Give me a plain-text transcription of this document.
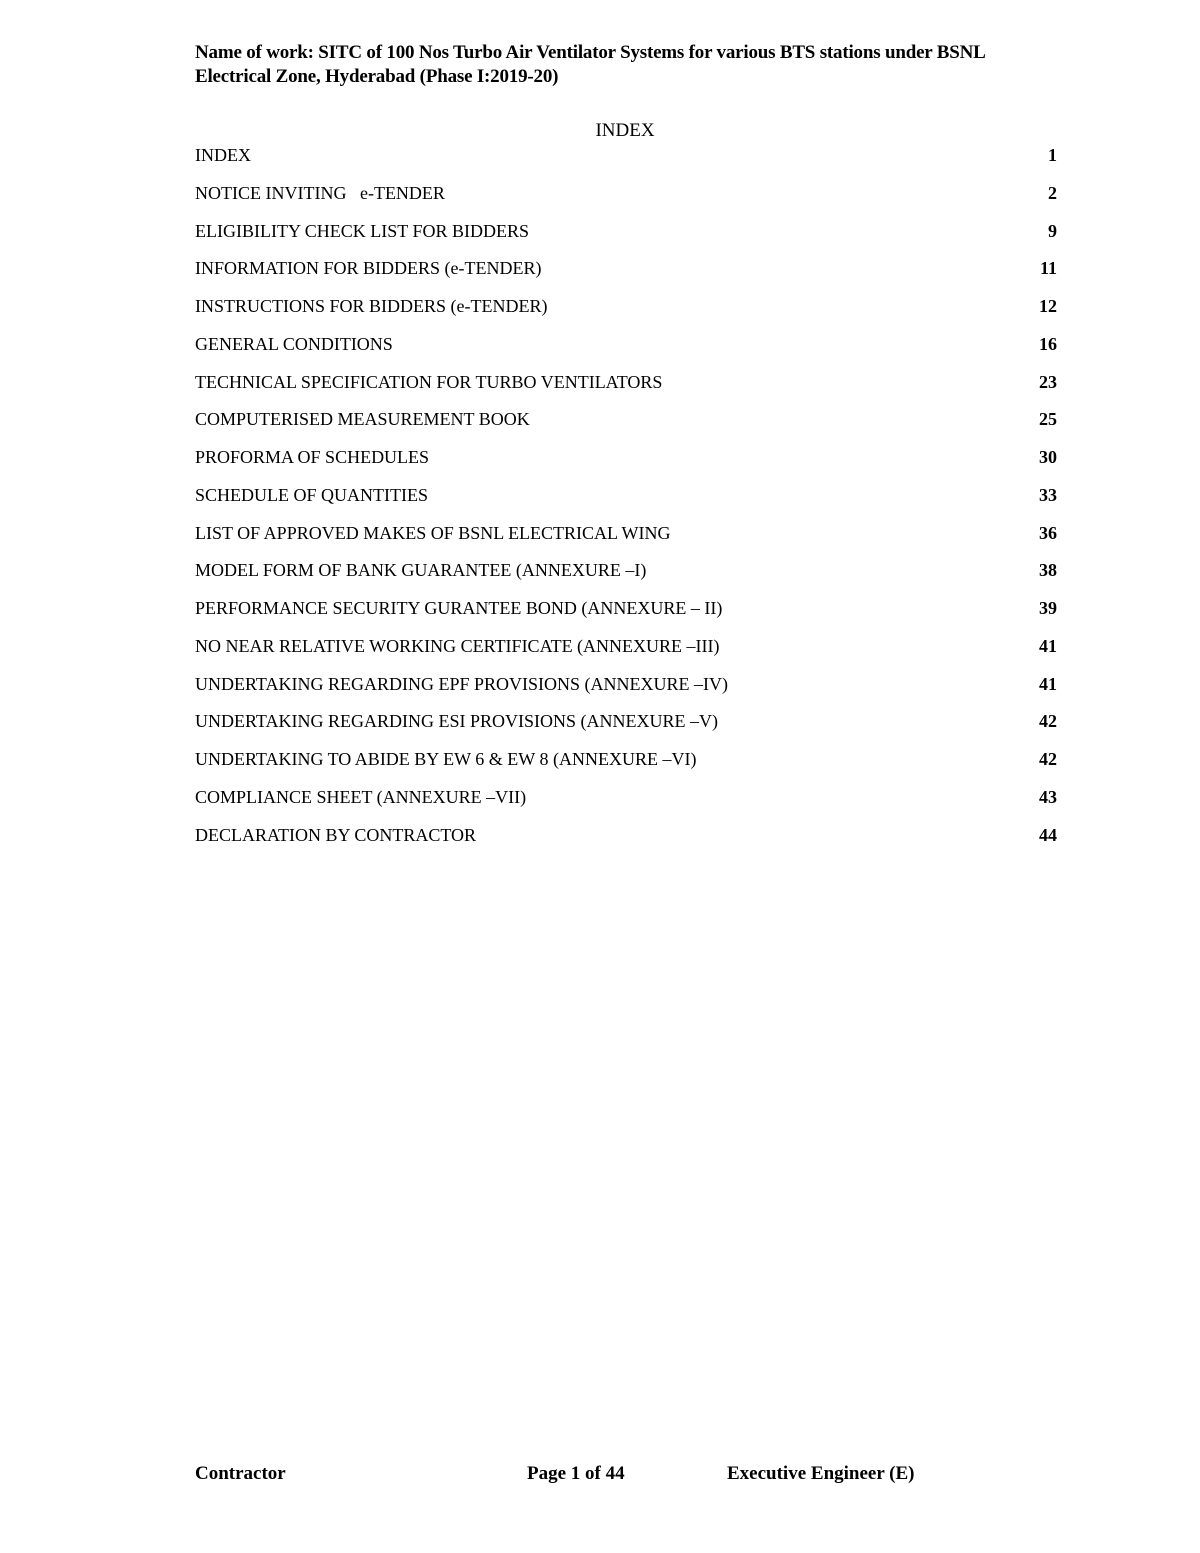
Name of work: SITC of 100 Nos Turbo Air Ventilator Systems for various BTS stations under BSNL
Electrical Zone, Hyderabad (Phase I:2019-20)
INDEX
INDEX	1
NOTICE INVITING   e-TENDER	2
ELIGIBILITY CHECK LIST FOR BIDDERS	9
INFORMATION FOR BIDDERS (e-TENDER)	11
INSTRUCTIONS FOR BIDDERS (e-TENDER)	12
GENERAL CONDITIONS	16
TECHNICAL SPECIFICATION FOR TURBO VENTILATORS	23
COMPUTERISED MEASUREMENT BOOK	25
PROFORMA OF SCHEDULES	30
SCHEDULE OF QUANTITIES	33
LIST OF APPROVED MAKES OF BSNL ELECTRICAL WING	36
MODEL FORM OF BANK GUARANTEE (ANNEXURE –I)	38
PERFORMANCE SECURITY GURANTEE BOND (ANNEXURE – II)	39
NO NEAR RELATIVE WORKING CERTIFICATE (ANNEXURE –III)	41
UNDERTAKING REGARDING EPF PROVISIONS (ANNEXURE –IV)	41
UNDERTAKING REGARDING ESI PROVISIONS (ANNEXURE –V)	42
UNDERTAKING TO ABIDE BY EW 6 & EW 8 (ANNEXURE –VI)	42
COMPLIANCE SHEET (ANNEXURE –VII)	43
DECLARATION BY CONTRACTOR	44
Contractor	Page 1 of 44	Executive Engineer (E)
